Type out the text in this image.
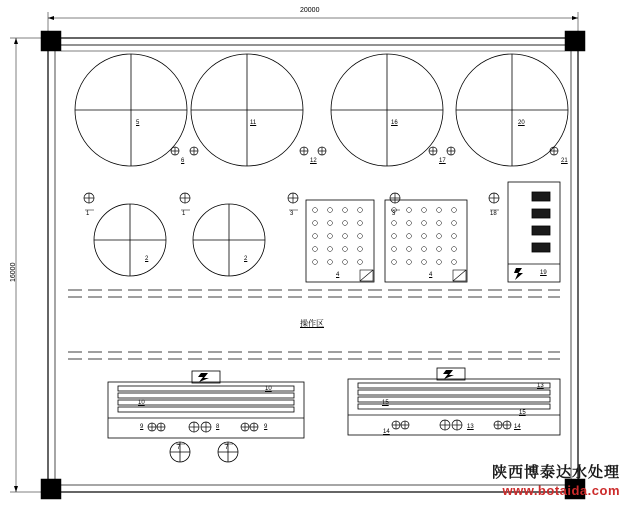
20000
16000
操作区
5	11	16	20
2	2
6	12	17	21
1	1	3	3	18
4	4	19
10
10
9	8	9
15
13
15
14
13	14
7	7
陕西博泰达水处理
www.botaida.com
